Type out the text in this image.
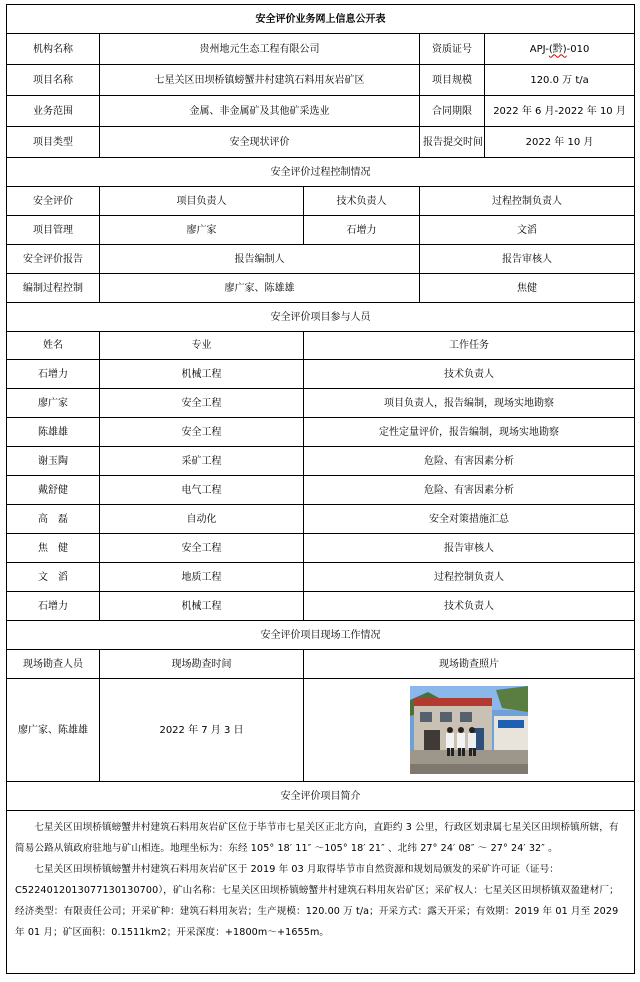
安全评价业务网上信息公开表				
机构名称	贵州地元生态工程有限公司		资质证号	APJ-(黔)-010
项目名称	七星关区田坝桥镇螃蟹井村建筑石料用灰岩矿区		项目规模	120.0 万 t/a
业务范围	金属、非金属矿及其他矿采选业		合同期限	2022 年 6 月-2022 年 10 月
项目类型	安全现状评价		报告提交时间	2022 年 10 月
安全评价过程控制情况				
安全评价	项目负责人	技术负责人	过程控制负责人	
项目管理	廖广家	石增力	文滔	
安全评价报告	报告编制人		报告审核人	
编制过程控制	廖广家、陈雄雄		焦健	
安全评价项目参与人员				
姓名	专业	工作任务		
石增力	机械工程	技术负责人		
廖广家	安全工程	项目负责人，报告编制，现场实地勘察		
陈雄雄	安全工程	定性定量评价，报告编制，现场实地勘察		
谢玉陶	采矿工程	危险、有害因素分析		
戴舒健	电气工程	危险、有害因素分析		
高　磊	自动化	安全对策措施汇总		
焦　健	安全工程	报告审核人		
文　滔	地质工程	过程控制负责人		
石增力	机械工程	技术负责人		
安全评价项目现场工作情况				
现场勘查人员	现场勘查时间	现场勘查照片		
廖广家、陈雄雄	2022 年 7 月 3 日	

安全评价项目简介				

七星关区田坝桥镇螃蟹井村建筑石料用灰岩矿区位于毕节市七星关区正北方向，直距约 3 公里，行政区划隶属七星关区田坝桥镇所辖，有简易公路从镇政府驻地与矿山相连。地理坐标为：东经 105° 18′ 11″ ～105° 18′ 21″ 、北纬 27° 24′ 08″ ～ 27° 24′ 32″ 。

七星关区田坝桥镇螃蟹井村建筑石料用灰岩矿区于 2019 年 03 月取得毕节市自然资源和规划局颁发的采矿许可证（证号：C5224012013077130130700），矿山名称：七星关区田坝桥镇螃蟹井村建筑石料用灰岩矿区；采矿权人：七星关区田坝桥镇双盈建材厂；经济类型：有限责任公司；开采矿种：建筑石料用灰岩；生产规模：120.00 万 t/a；开采方式：露天开采；有效期：2019 年 01 月至 2029 年 01 月；矿区面积：0.1511km2；开采深度：+1800m～+1655m。				
